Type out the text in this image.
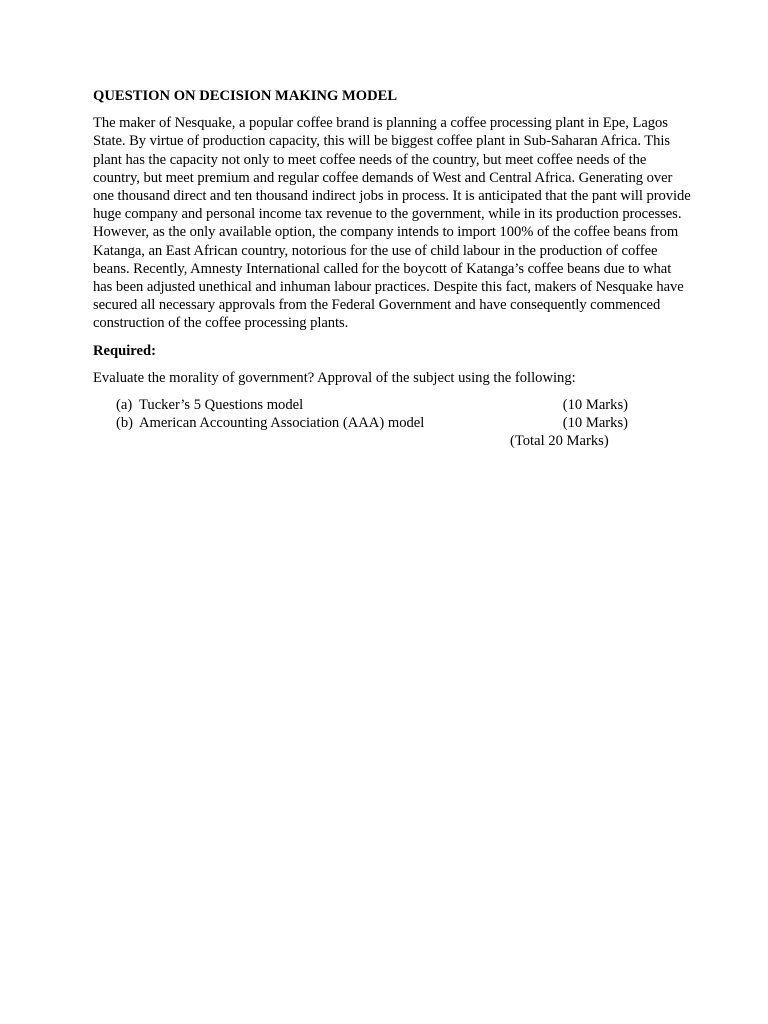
QUESTION ON DECISION MAKING MODEL

The maker of Nesquake, a popular coffee brand is planning a coffee processing plant in Epe, Lagos State. By virtue of production capacity, this will be biggest coffee plant in Sub-Saharan Africa. This plant has the capacity not only to meet coffee needs of the country, but meet coffee needs of the country, but meet premium and regular coffee demands of West and Central Africa. Generating over one thousand direct and ten thousand indirect jobs in process. It is anticipated that the pant will provide huge company and personal income tax revenue to the government, while in its production processes. However, as the only available option, the company intends to import 100% of the coffee beans from Katanga, an East African country, notorious for the use of child labour in the production of coffee beans. Recently, Amnesty International called for the boycott of Katanga’s coffee beans due to what has been adjusted unethical and inhuman labour practices. Despite this fact, makers of Nesquake have secured all necessary approvals from the Federal Government and have consequently commenced construction of the coffee processing plants.

Required:

Evaluate the morality of government? Approval of the subject using the following:

(a) Tucker’s 5 Questions model	(10 Marks)
(b) American Accounting Association (AAA) model	(10 Marks)
(Total 20 Marks)
